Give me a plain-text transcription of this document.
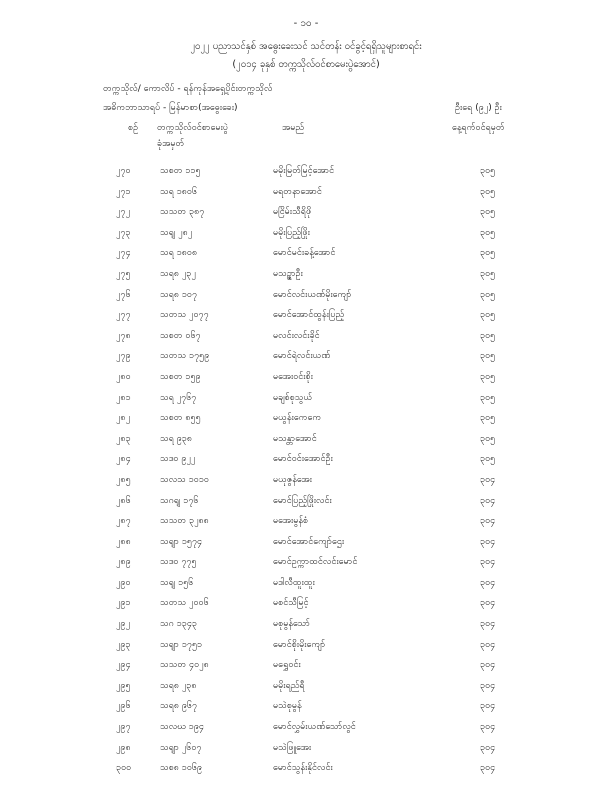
- ၁၀ -
၂၀၂၂ ပညာသင်နှစ် အဓွေးခေးသင် သင်တန်း ဝင်ခွင့်ရရှိသူများစာရင်း
(၂၀၁၄ ခုနှစ် တက္ကသိုလ်ဝင်စာမေးပွဲအောင်)
တက္ကသိုလ်/ ကောလိပ် - ရန်ကုန်အရှေ့ပိုင်းတက္ကသိုလ်
အဓိကဘာသာရပ် - မြန်မာစာ(အဓွေးခေး)	ဦးရေ (၉၂) ဦး
စဉ် တက္ကသိုလ်ဝင်စာမေးပွဲ
ခုံအမှတ်
အမည်	နေ့ရက်ဝင်ရမှတ်
၂၇၀	သစတ ၁၁၅	မမိုးမြတ်မြင့်အောင်	၃၀၅
၂၇၁	သရ ၁၈၀၆	မရတနာအောင်	၃၀၅
၂၇၂	သသတ ၃၈၇	မငြိမ်းသီရိဖို	၃၀၅
၂၇၃	သရျ ၂၈၂	မမိုးပြည့်ဖြိုး	၃၀၅
၂၇၄	သရ ၁၈၀၈	မောင်မင်းခန့်အောင်	၃၀၅
၂၇၅	သရ၈ ၂၃၂	မသဉ္ဇာဦး	၃၀၅
၂၇၆	သရ၈ ၁၀၇	မောင်လင်းယဏ်မိုးကျော်	၃၀၅
၂၇၇	သတသ ၂၀၇၇	မောင်အောင်ထွန်းပြည့်	၃၀၅
၂၇၈	သစတ ၀၆၇	မလင်းလင်းခိုင်	၃၀၅
၂၇၉	သတသ ၁၇၅၉	မောင်ရဲလင်းယဏ်	၃၀၅
၂၈၀	သစတ ၁၅၉	မအေးဝင်းစိုး	၃၀၅
၂၈၁	သရ ၂၇၆၇	မချစ်စုသွယ်	၃၀၅
၂၈၂	သစတ ၈၅၅	မယွန်းကေကေ	၃၀၅
၂၈၃	သရ ၉၃၈	မသန္တာအောင်	၃၀၅
၂၈၄	သဒ၀ ၉၂၂	မောင်ဝင်းအောင်ဦး	၃၀၅
၂၈၅	သလသ ၁၀၁၀	မယုဇွန်အေး	၃၀၄
၂၈၆	သဂရျ ၁၇၆	မောင်ပြည့်ဖြိုးလင်း	၃၀၄
၂၈၇	သသတ ၃၂၈၈	မအေးမွန်စံ	၃၀၄
၂၈၈	သရျာ ၁၅၇၄	မောင်အောင်ကျော်ဌေး	၃၀၄
၂၈၉	သဒ၀ ၇၇၅	မောင်ဥက္ကာထင်လင်းမောင်	၃၀၄
၂၉၀	သရျ ၁၅၆	မဒါလီထူးထူး	၃၀၄
၂၉၁	သတသ ၂၀၀၆	မစင်သီမြင့်	၃၀၄
၂၉၂	သဂ ၁၃၄၃	မစုမွန်သော်	၃၀၄
၂၉၃	သရျာ ၁၇၅၁	မောင်စိုးမိုးကျော်	၃၀၄
၂၉၄	သသတ ၄၀၂၈	မရွှေဝင်း	၃၀၄
၂၉၅	သရ၈ ၂၃၈	မမိုးရည်ရီ	၃၀၄
၂၉၆	သရ၈ ၉၆၇	မသဲစုမွန်	၃၀၄
၂၉၇	သလဃ ၁၉၄	မောင်လွှမ်းယဏ်သော်လွင်	၃၀၄
၂၉၈	သရျာ ၂၆၀၇	မသဲဖြူအေး	၃၀၄
၃၀၀	သစ၈ ၁၀၆၉	မောင်သွန်းနိုင်လင်း	၃၀၄
